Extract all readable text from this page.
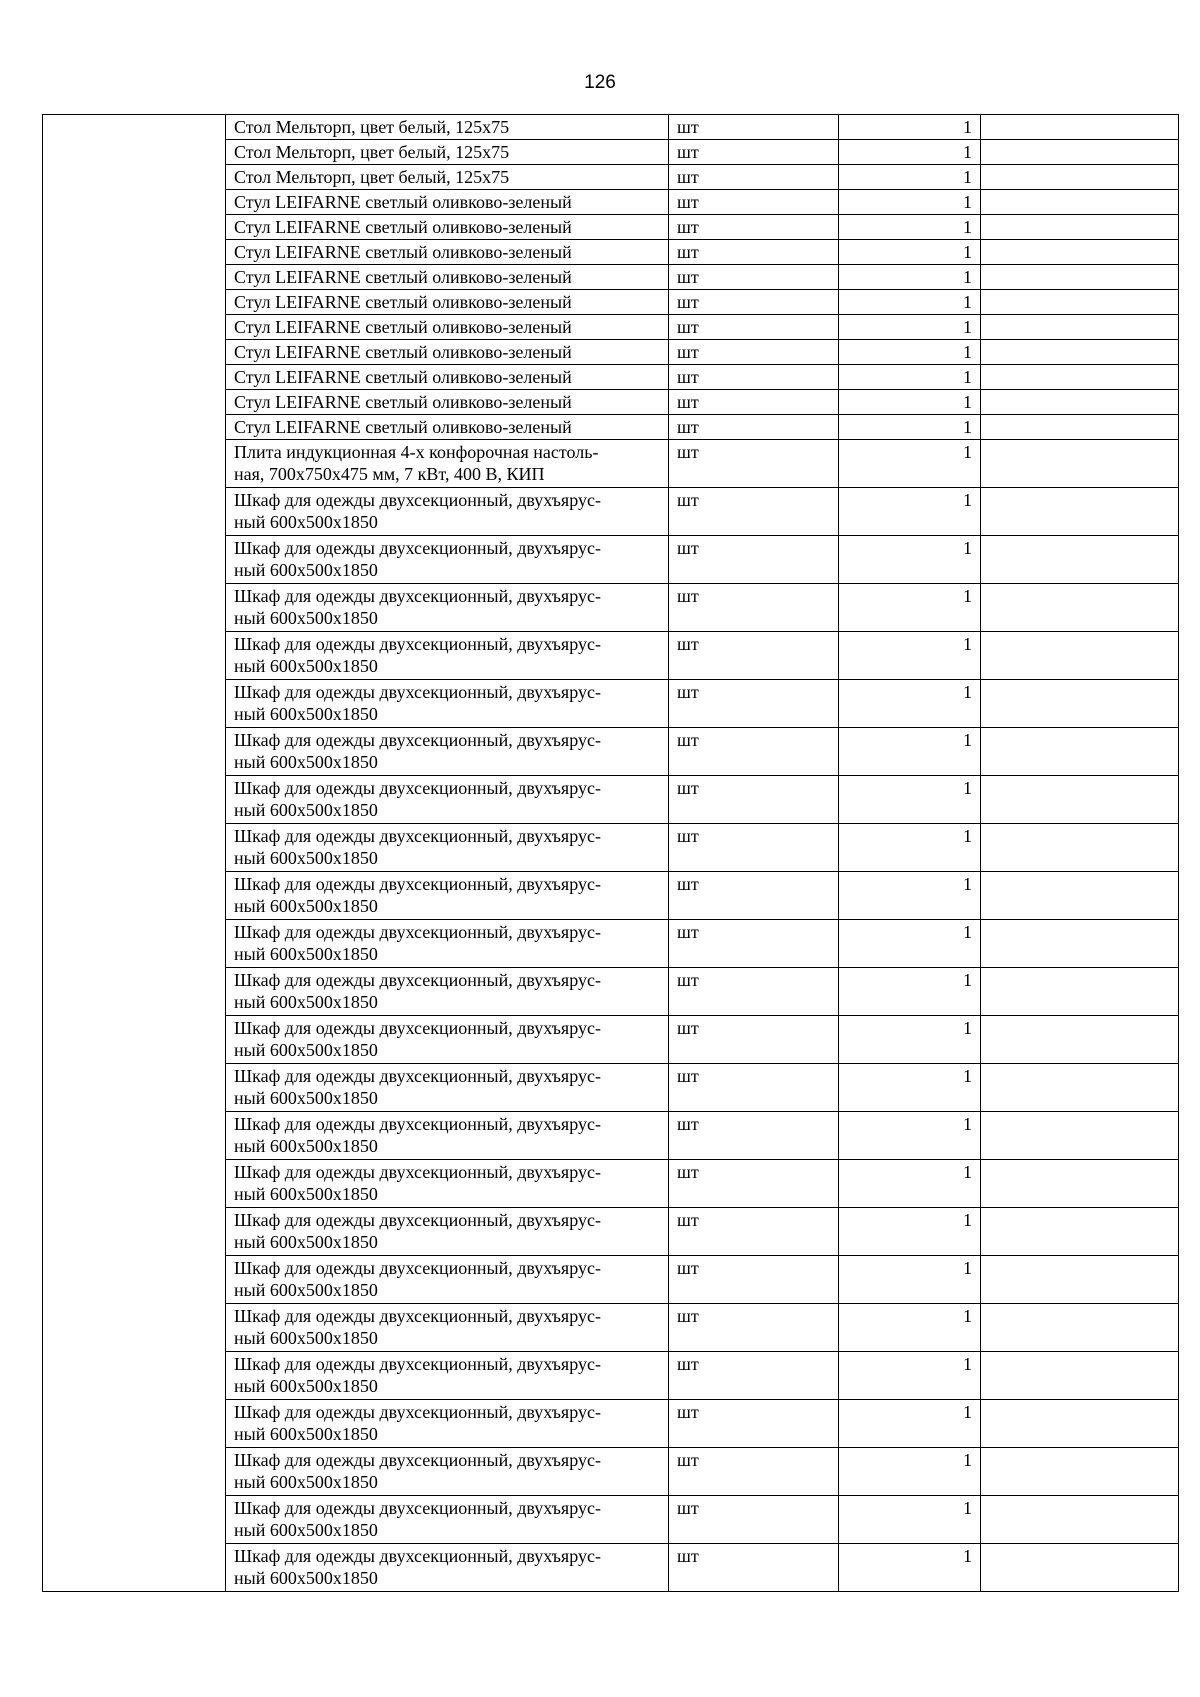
126

	Стол Мельторп, цвет белый, 125х75	шт	1	

	Стол Мельторп, цвет белый, 125х75	шт	1	

	Стол Мельторп, цвет белый, 125х75	шт	1	

	Стул LEIFARNE светлый оливково-зеленый	шт	1	

	Стул LEIFARNE светлый оливково-зеленый	шт	1	

	Стул LEIFARNE светлый оливково-зеленый	шт	1	

	Стул LEIFARNE светлый оливково-зеленый	шт	1	

	Стул LEIFARNE светлый оливково-зеленый	шт	1	

	Стул LEIFARNE светлый оливково-зеленый	шт	1	

	Стул LEIFARNE светлый оливково-зеленый	шт	1	

	Стул LEIFARNE светлый оливково-зеленый	шт	1	

	Стул LEIFARNE светлый оливково-зеленый	шт	1	

	Стул LEIFARNE светлый оливково-зеленый	шт	1	

	Плита индукционная 4-х конфорочная настоль-
ная, 700х750х475 мм, 7 кВт, 400 В, КИП	шт	1	

	Шкаф для одежды двухсекционный, двухъярус-
ный 600х500х1850	шт	1	

	Шкаф для одежды двухсекционный, двухъярус-
ный 600х500х1850	шт	1	

	Шкаф для одежды двухсекционный, двухъярус-
ный 600х500х1850	шт	1	

	Шкаф для одежды двухсекционный, двухъярус-
ный 600х500х1850	шт	1	

	Шкаф для одежды двухсекционный, двухъярус-
ный 600х500х1850	шт	1	

	Шкаф для одежды двухсекционный, двухъярус-
ный 600х500х1850	шт	1	

	Шкаф для одежды двухсекционный, двухъярус-
ный 600х500х1850	шт	1	

	Шкаф для одежды двухсекционный, двухъярус-
ный 600х500х1850	шт	1	

	Шкаф для одежды двухсекционный, двухъярус-
ный 600х500х1850	шт	1	

	Шкаф для одежды двухсекционный, двухъярус-
ный 600х500х1850	шт	1	

	Шкаф для одежды двухсекционный, двухъярус-
ный 600х500х1850	шт	1	

	Шкаф для одежды двухсекционный, двухъярус-
ный 600х500х1850	шт	1	

	Шкаф для одежды двухсекционный, двухъярус-
ный 600х500х1850	шт	1	

	Шкаф для одежды двухсекционный, двухъярус-
ный 600х500х1850	шт	1	

	Шкаф для одежды двухсекционный, двухъярус-
ный 600х500х1850	шт	1	

	Шкаф для одежды двухсекционный, двухъярус-
ный 600х500х1850	шт	1	

	Шкаф для одежды двухсекционный, двухъярус-
ный 600х500х1850	шт	1	

	Шкаф для одежды двухсекционный, двухъярус-
ный 600х500х1850	шт	1	

	Шкаф для одежды двухсекционный, двухъярус-
ный 600х500х1850	шт	1	

	Шкаф для одежды двухсекционный, двухъярус-
ный 600х500х1850	шт	1	

	Шкаф для одежды двухсекционный, двухъярус-
ный 600х500х1850	шт	1	

	Шкаф для одежды двухсекционный, двухъярус-
ный 600х500х1850	шт	1	

	Шкаф для одежды двухсекционный, двухъярус-
ный 600х500х1850	шт	1	
